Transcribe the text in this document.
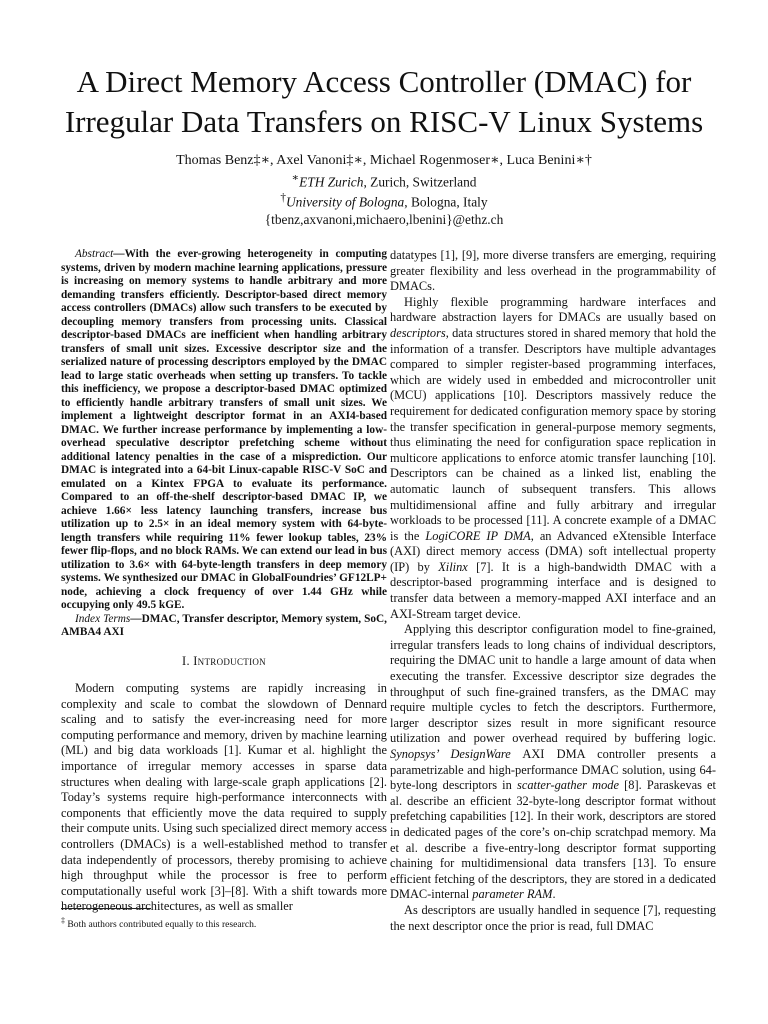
A Direct Memory Access Controller (DMAC) for
Irregular Data Transfers on RISC-V Linux Systems
Thomas Benz‡∗, Axel Vanoni‡∗, Michael Rogenmoser∗, Luca Benini∗†
∗ETH Zurich, Zurich, Switzerland
†University of Bologna, Bologna, Italy
{tbenz,axvanoni,michaero,lbenini}@ethz.ch

Abstract—With the ever-growing heterogeneity in computing systems, driven by modern machine learning applications, pressure is increasing on memory systems to handle arbitrary and more demanding transfers efficiently. Descriptor-based direct memory access controllers (DMACs) allow such transfers to be executed by decoupling memory transfers from processing units. Classical descriptor-based DMACs are inefficient when handling arbitrary transfers of small unit sizes. Excessive descriptor size and the serialized nature of processing descriptors employed by the DMAC lead to large static overheads when setting up transfers. To tackle this inefficiency, we propose a descriptor-based DMAC optimized to efficiently handle arbitrary transfers of small unit sizes. We implement a lightweight descriptor format in an AXI4-based DMAC. We further increase performance by implementing a low-overhead speculative descriptor prefetching scheme without additional latency penalties in the case of a misprediction. Our DMAC is integrated into a 64-bit Linux-capable RISC-V SoC and emulated on a Kintex FPGA to evaluate its performance. Compared to an off-the-shelf descriptor-based DMAC IP, we achieve 1.66× less latency launching transfers, increase bus utilization up to 2.5× in an ideal memory system with 64-byte-length transfers while requiring 11% fewer lookup tables, 23% fewer flip-flops, and no block RAMs. We can extend our lead in bus utilization to 3.6× with 64-byte-length transfers in deep memory systems. We synthesized our DMAC in GlobalFoundries’ GF12LP+ node, achieving a clock frequency of over 1.44 GHz while occupying only 49.5 kGE.

Index Terms—DMAC, Transfer descriptor, Memory system, SoC, AMBA4 AXI

I. Introduction

Modern computing systems are rapidly increasing in complexity and scale to combat the slowdown of Dennard scaling and to satisfy the ever-increasing need for more computing performance and memory, driven by machine learning (ML) and big data workloads [1]. Kumar et al. highlight the importance of irregular memory accesses in sparse data structures when dealing with large-scale graph applications [2]. Today’s systems require high-performance interconnects with components that efficiently move the data required to supply their compute units. Using such specialized direct memory access controllers (DMACs) is a well-established method to transfer data independently of processors, thereby promising to achieve high throughput while the processor is free to perform computationally useful work [3]–[8]. With a shift towards more heterogeneous architectures, as well as smaller

datatypes [1], [9], more diverse transfers are emerging, requiring greater flexibility and less overhead in the programmability of DMACs.

Highly flexible programming hardware interfaces and hardware abstraction layers for DMACs are usually based on descriptors, data structures stored in shared memory that hold the information of a transfer. Descriptors have multiple advantages compared to simpler register-based programming interfaces, which are widely used in embedded and microcontroller unit (MCU) applications [10]. Descriptors massively reduce the requirement for dedicated configuration memory space by storing the transfer specification in general-purpose memory segments, thus eliminating the need for configuration space replication in multicore applications to enforce atomic transfer launching [10]. Descriptors can be chained as a linked list, enabling the automatic launch of subsequent transfers. This allows multidimensional affine and fully arbitrary and irregular workloads to be processed [11]. A concrete example of a DMAC is the LogiCORE IP DMA, an Advanced eXtensible Interface (AXI) direct memory access (DMA) soft intellectual property (IP) by Xilinx [7]. It is a high-bandwidth DMAC with a descriptor-based programming interface and is designed to transfer data between a memory-mapped AXI interface and an AXI-Stream target device.

Applying this descriptor configuration model to fine-grained, irregular transfers leads to long chains of individual descriptors, requiring the DMAC unit to handle a large amount of data when executing the transfer. Excessive descriptor size degrades the throughput of such fine-grained transfers, as the DMAC may require multiple cycles to fetch the descriptors. Furthermore, larger descriptor sizes result in more significant resource utilization and power overhead required by buffering logic. Synopsys’ DesignWare AXI DMA controller presents a parametrizable and high-performance DMAC solution, using 64-byte-long descriptors in scatter-gather mode [8]. Paraskevas et al. describe an efficient 32-byte-long descriptor format without prefetching capabilities [12]. In their work, descriptors are stored in dedicated pages of the core’s on-chip scratchpad memory. Ma et al. describe a five-entry-long descriptor format supporting chaining for multidimensional data transfers [13]. To ensure efficient fetching of the descriptors, they are stored in a dedicated DMAC-internal parameter RAM.

As descriptors are usually handled in sequence [7], requesting the next descriptor once the prior is read, full DMAC

‡ Both authors contributed equally to this research.
